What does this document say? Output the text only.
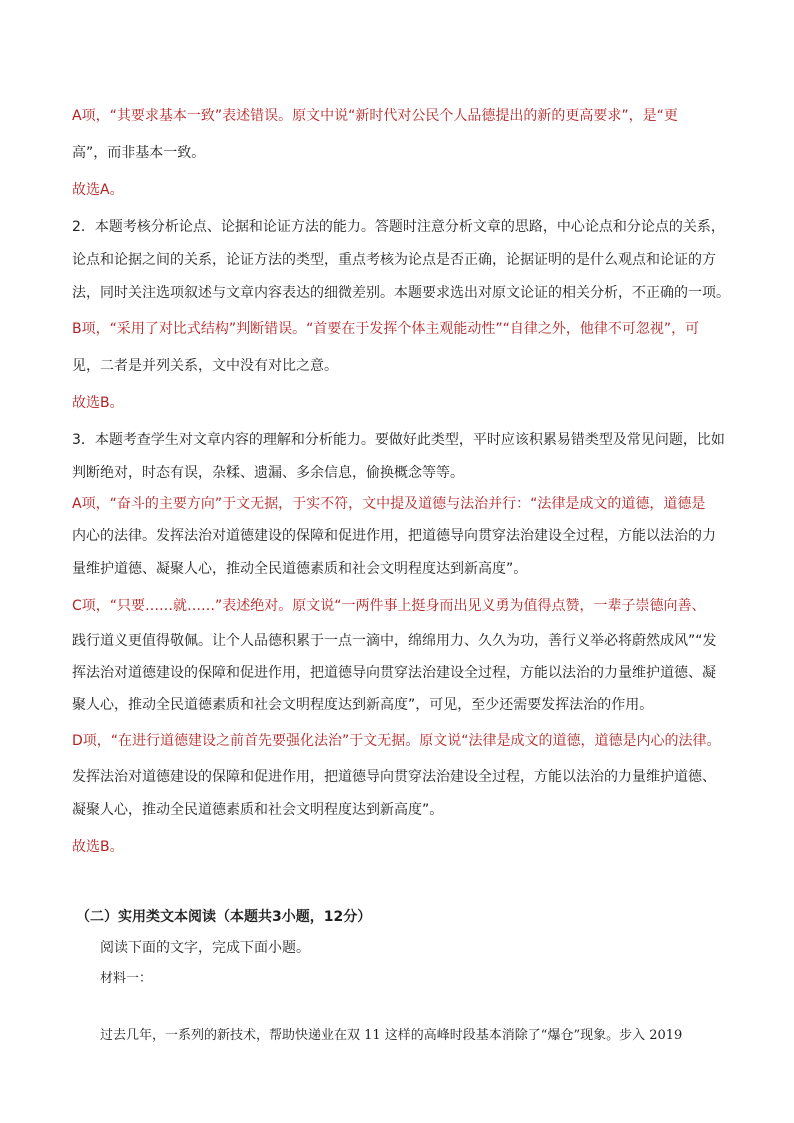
A项，“其要求基本一致”表述错误。原文中说“新时代对公民个人品德提出的新的更高要求”，是“更
高”，而非基本一致。
故选A。
2．本题考核分析论点、论据和论证方法的能力。答题时注意分析文章的思路，中心论点和分论点的关系，
论点和论据之间的关系，论证方法的类型，重点考核为论点是否正确，论据证明的是什么观点和论证的方
法，同时关注选项叙述与文章内容表达的细微差别。本题要求选出对原文论证的相关分析，不正确的一项。
B项，“采用了对比式结构”判断错误。“首要在于发挥个体主观能动性”“自律之外，他律不可忽视”，可
见，二者是并列关系，文中没有对比之意。
故选B。
3．本题考查学生对文章内容的理解和分析能力。要做好此类型，平时应该积累易错类型及常见问题，比如
判断绝对，时态有误，杂糅、遗漏、多余信息，偷换概念等等。
A项，“奋斗的主要方向”于文无据，于实不符，文中提及道德与法治并行：“法律是成文的道德，道德是
内心的法律。发挥法治对道德建设的保障和促进作用，把道德导向贯穿法治建设全过程，方能以法治的力
量维护道德、凝聚人心，推动全民道德素质和社会文明程度达到新高度”。
C项，“只要……就……”表述绝对。原文说“一两件事上挺身而出见义勇为值得点赞，一辈子崇德向善、
践行道义更值得敬佩。让个人品德积累于一点一滴中，绵绵用力、久久为功，善行义举必将蔚然成风”“发
挥法治对道德建设的保障和促进作用，把道德导向贯穿法治建设全过程，方能以法治的力量维护道德、凝
聚人心，推动全民道德素质和社会文明程度达到新高度”，可见，至少还需要发挥法治的作用。
D项，“在进行道德建设之前首先要强化法治”于文无据。原文说“法律是成文的道德，道德是内心的法律。
发挥法治对道德建设的保障和促进作用，把道德导向贯穿法治建设全过程，方能以法治的力量维护道德、
凝聚人心，推动全民道德素质和社会文明程度达到新高度”。
故选B。
（二）实用类文本阅读（本题共3小题，12分）
阅读下面的文字，完成下面小题。
材料一：
过去几年，一系列的新技术，帮助快递业在双 11 这样的高峰时段基本消除了“爆仓”现象。步入 2019
